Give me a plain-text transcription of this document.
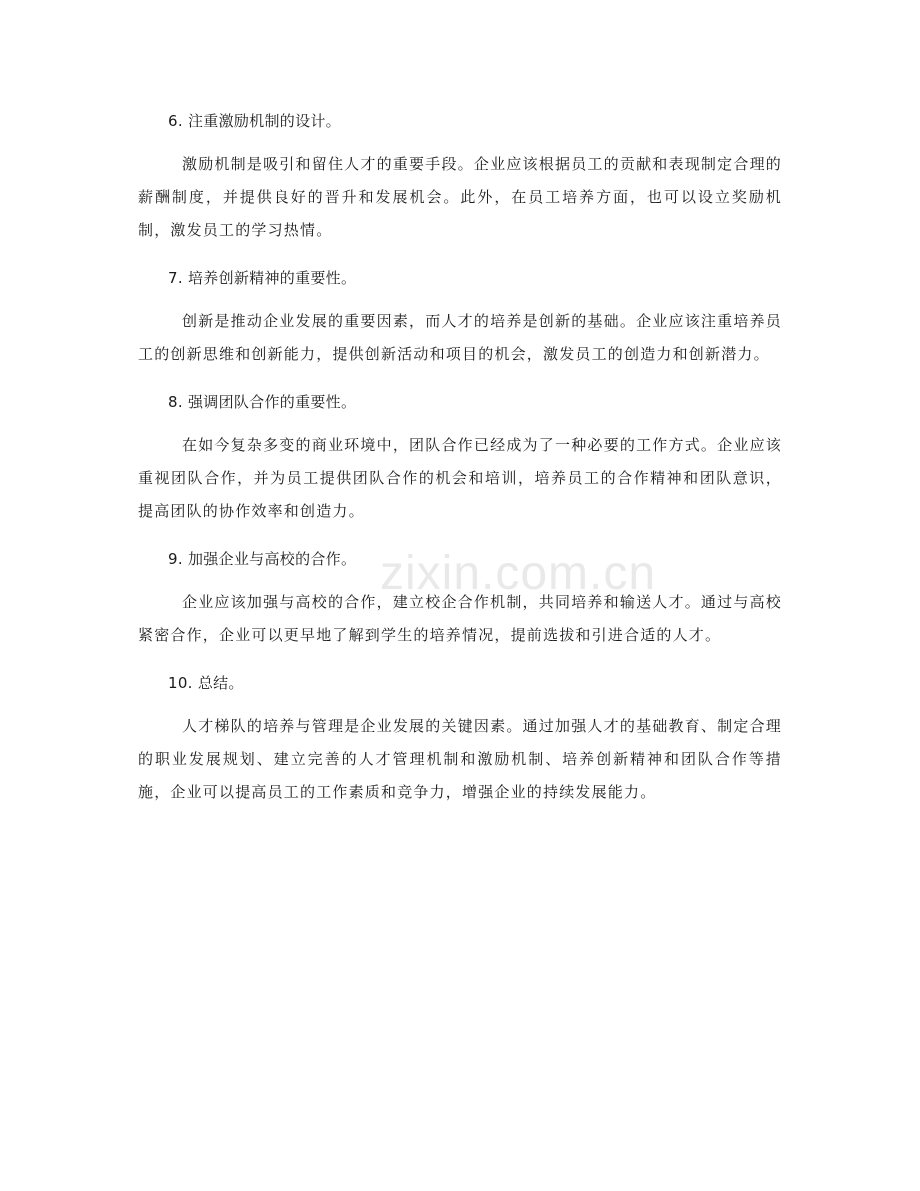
6. 注重激励机制的设计。

激励机制是吸引和留住人才的重要手段。企业应该根据员工的贡献和表现制定合理的薪酬制度，并提供良好的晋升和发展机会。此外，在员工培养方面，也可以设立奖励机制，激发员工的学习热情。

7. 培养创新精神的重要性。

创新是推动企业发展的重要因素，而人才的培养是创新的基础。企业应该注重培养员工的创新思维和创新能力，提供创新活动和项目的机会，激发员工的创造力和创新潜力。

8. 强调团队合作的重要性。

在如今复杂多变的商业环境中，团队合作已经成为了一种必要的工作方式。企业应该重视团队合作，并为员工提供团队合作的机会和培训，培养员工的合作精神和团队意识，提高团队的协作效率和创造力。

9. 加强企业与高校的合作。

企业应该加强与高校的合作，建立校企合作机制，共同培养和输送人才。通过与高校紧密合作，企业可以更早地了解到学生的培养情况，提前选拔和引进合适的人才。

10. 总结。

人才梯队的培养与管理是企业发展的关键因素。通过加强人才的基础教育、制定合理的职业发展规划、建立完善的人才管理机制和激励机制、培养创新精神和团队合作等措施，企业可以提高员工的工作素质和竞争力，增强企业的持续发展能力。

zixin.com.cn
